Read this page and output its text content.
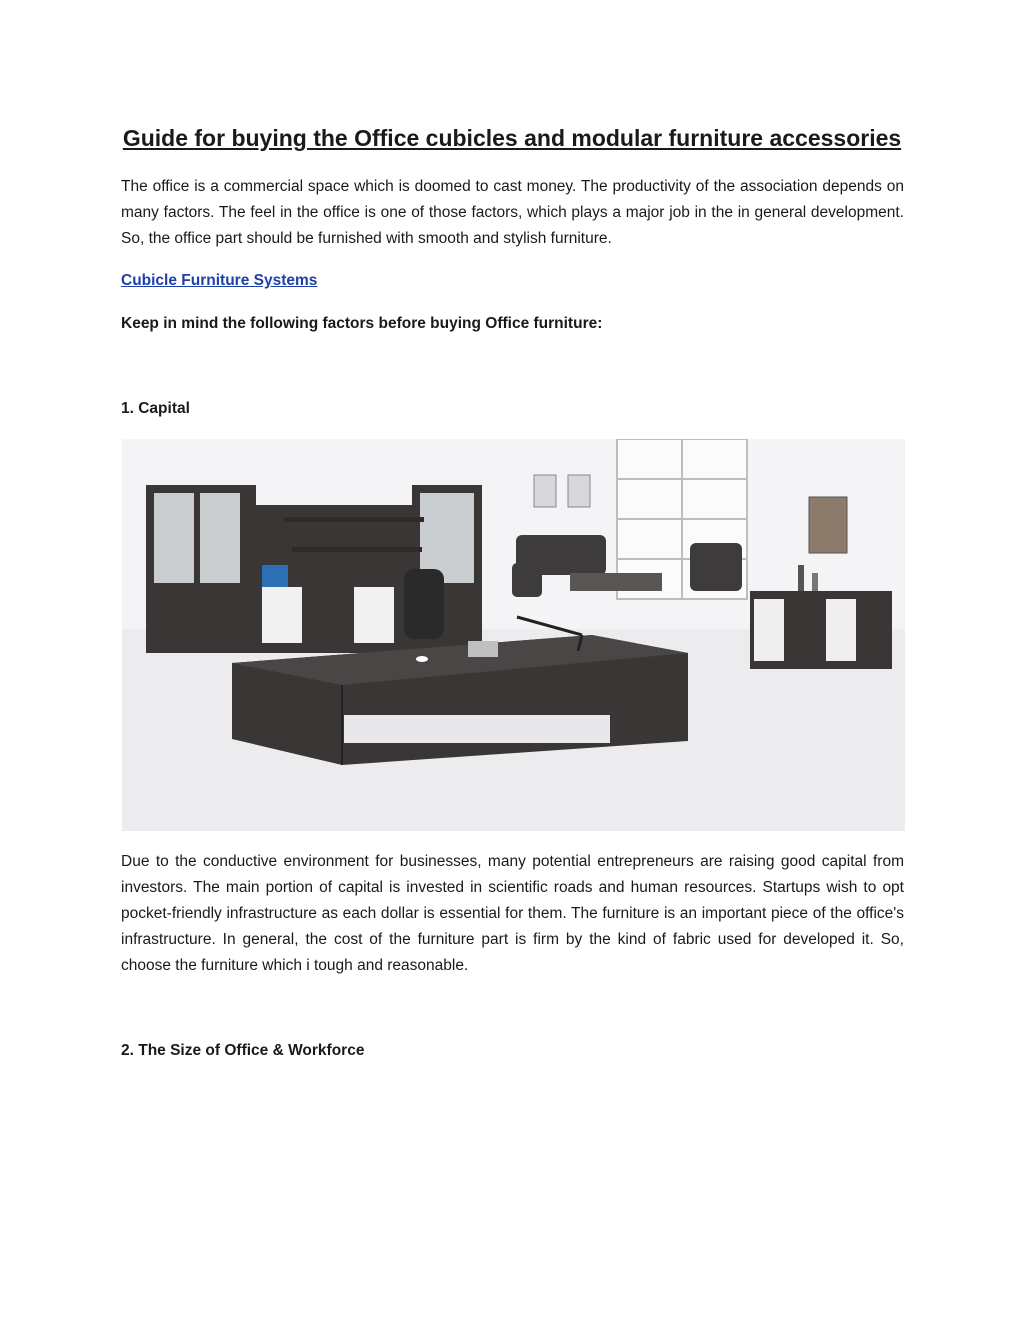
Guide for buying the Office cubicles and modular furniture accessories

The office is a commercial space which is doomed to cast money. The productivity of the association depends on many factors. The feel in the office is one of those factors, which plays a major job in the in general development. So, the office part should be furnished with smooth and stylish furniture.

Cubicle Furniture Systems

Keep in mind the following factors before buying Office furniture:

1. Capital

Due to the conductive environment for businesses, many potential entrepreneurs are raising good capital from investors. The main portion of capital is invested in scientific roads and human resources. Startups wish to opt pocket-friendly infrastructure as each dollar is essential for them. The furniture is an important piece of the office's infrastructure. In general, the cost of the furniture part is firm by the kind of fabric used for developed it. So, choose the furniture which i tough and reasonable.

2. The Size of Office & Workforce
